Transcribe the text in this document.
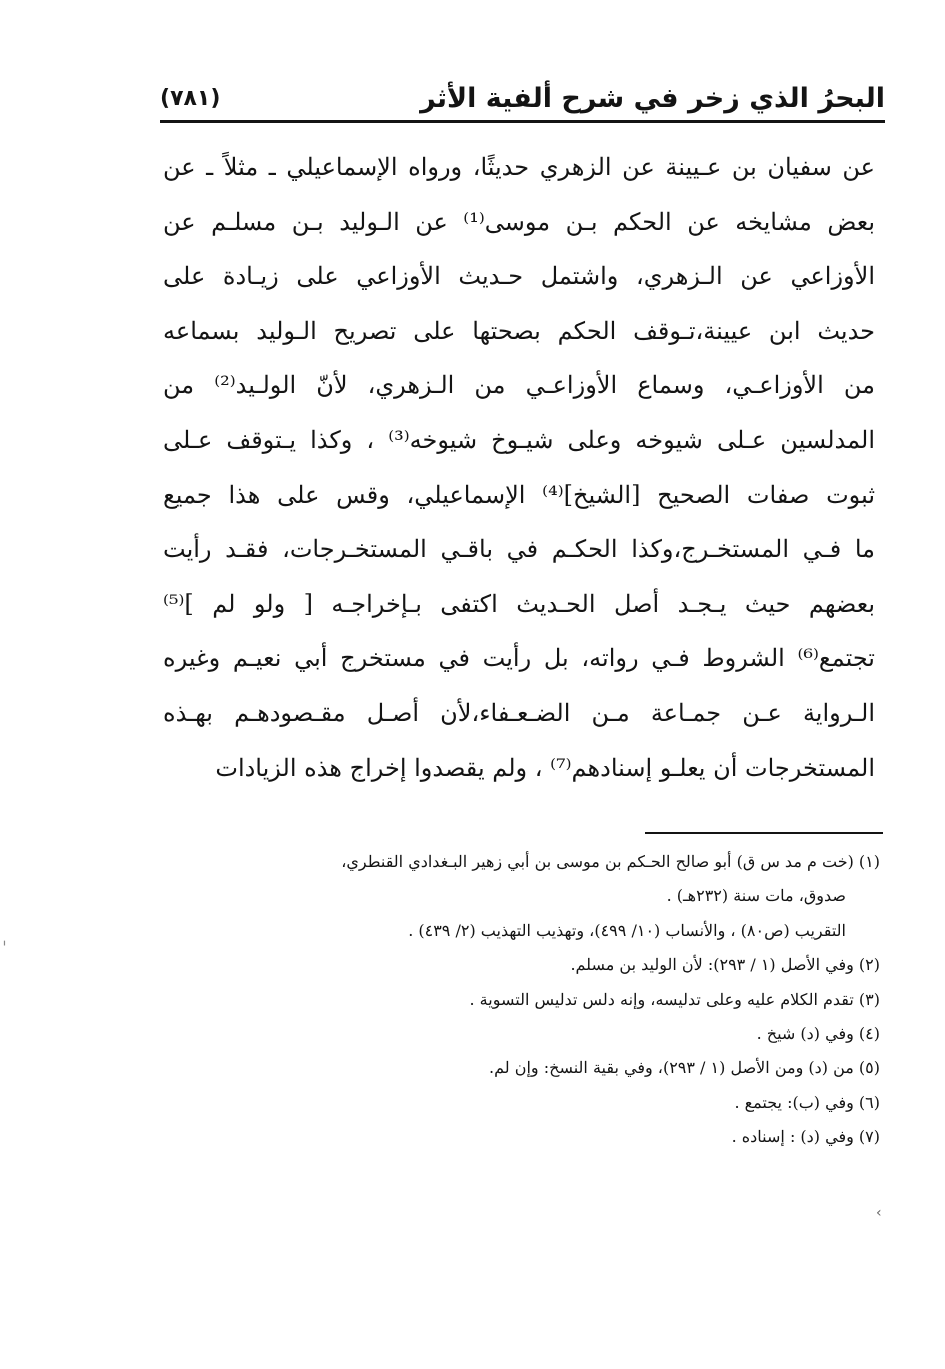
(٧٨١)	البحرُ الذي زخر في شرح ألفية الأثر
عن سفيان بن عـيينة عن الزهري حديثًا، ورواه الإسماعيلي ـ مثلاً ـ عن
بعض مشايخه عن الحكم بـن موسى⁽¹⁾ عن الـوليد بـن مسلـم عن
الأوزاعي عن الـزهري، واشتمل حـديث الأوزاعي على زيـادة على
حديث ابن عيينة،تـوقف الحكم بصحتها على تصريح الـوليد بسماعه
من الأوزاعـي، وسماع الأوزاعـي من الـزهري، لأنّ الولـيد⁽²⁾ من
المدلسين عـلى شيوخه وعلى شيـوخ شيوخه⁽³⁾ ، وكذا يـتوقف عـلى
ثبوت صفات الصحيح [الشيخ]⁽⁴⁾ الإسماعيلي، وقس على هذا جميع
ما فـي المستخـرج،وكذا الحكـم في باقـي المستخـرجات، فقـد رأيت
بعضهم حيث يـجـد أصل الحـديث اكتفى بـإخراجـه [ ولو لم ]⁽⁵⁾
تجتمع⁽⁶⁾ الشروط فـي رواته، بل رأيت في مستخرج أبي نعيـم وغيره
الـرواية عـن جمـاعة مـن الضـعـفاء،لأن أصـل مقـصودهـم بهـذه
المستخرجات أن يعلـو إسنادهم⁽⁷⁾ ، ولم يقصدوا إخراج هذه الزيادات
(١) (خت م مد س ق) أبو صالح الحـكم بن موسى بن أبي زهير البـغدادي القنطري،
صدوق، مات سنة (٢٣٢هـ) .
التقريب (ص٨٠) ، والأنساب (١٠/ ٤٩٩)، وتهذيب التهذيب (٢/ ٤٣٩) .
(٢) وفي الأصل (١ / ٢٩٣): لأن الوليد بن مسلم.
(٣) تقدم الكلام عليه وعلى تدليسه، وإنه دلس تدليس التسوية .
(٤) وفي (د) شيخ .
(٥) من (د) ومن الأصل (١ / ٢٩٣)، وفي بقية النسخ: وإن لم.
(٦) وفي (ب): يجتمع .
(٧) وفي (د) : إسناده .
ˈ
‹
